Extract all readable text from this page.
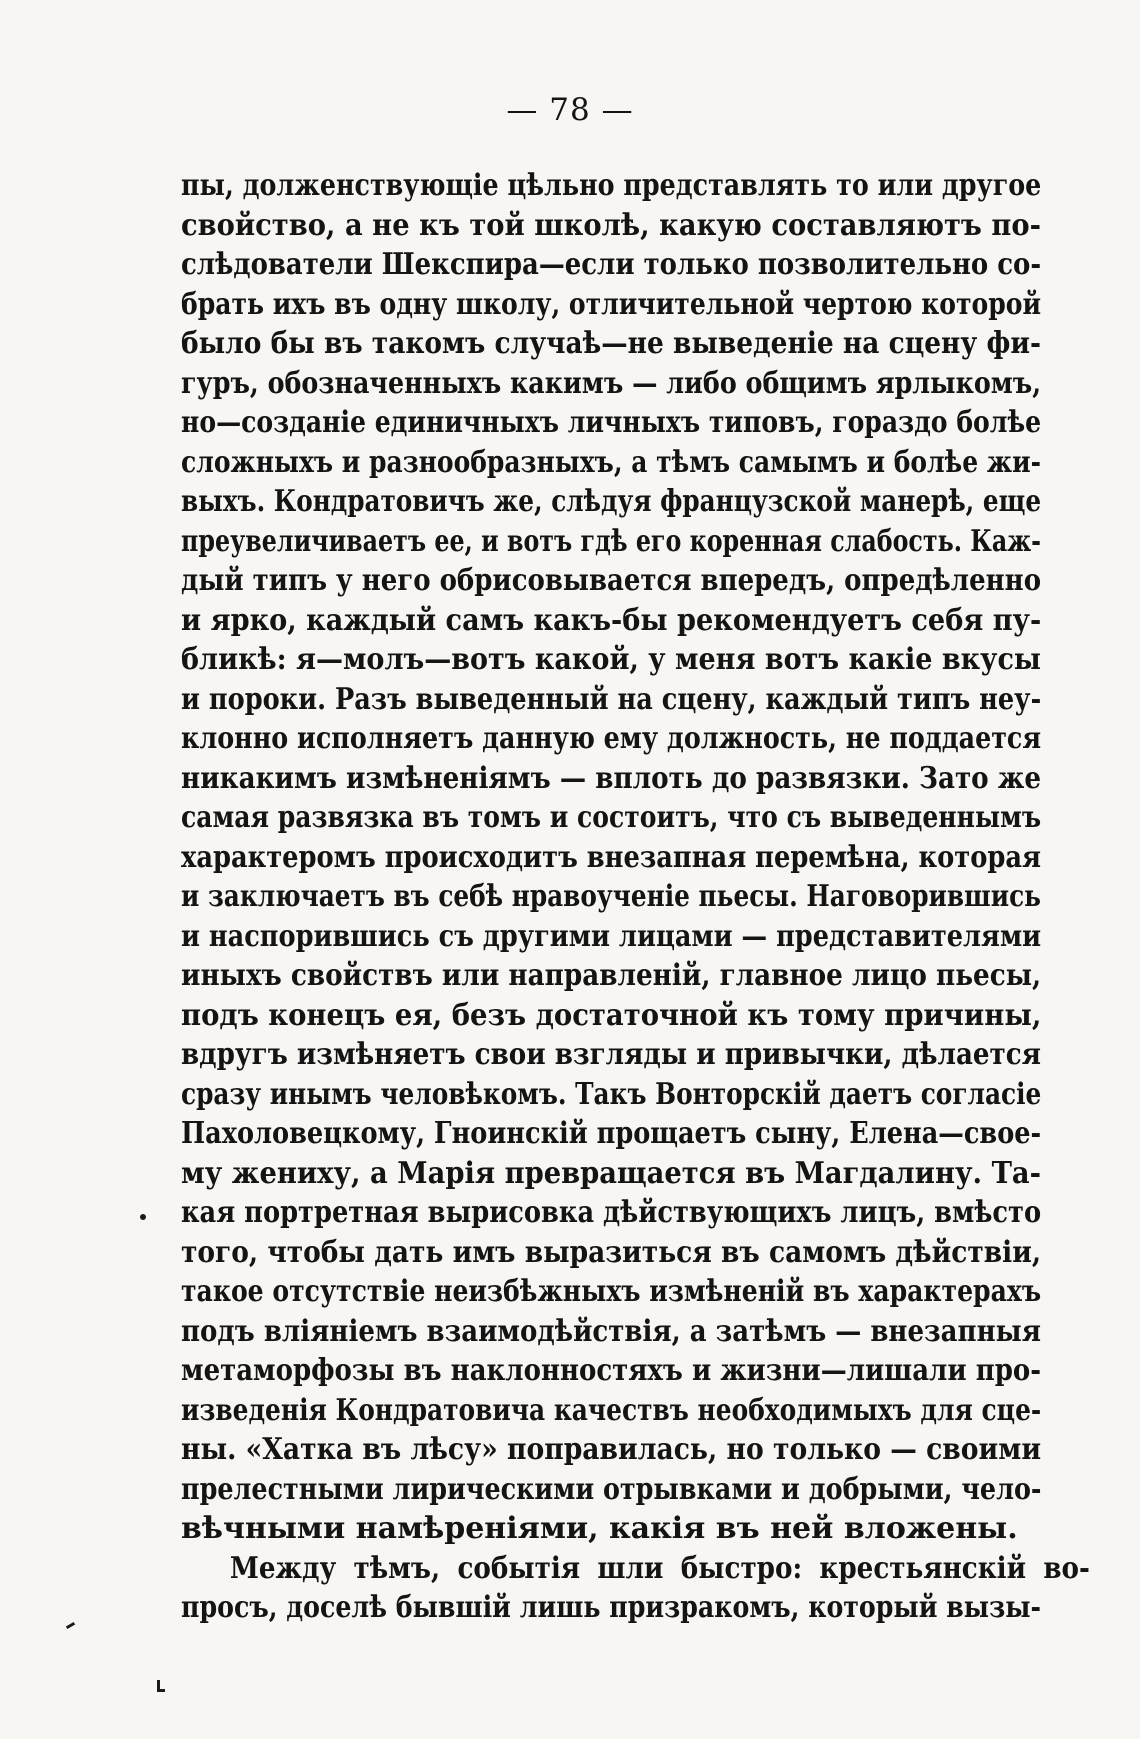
— 78 —
пы, долженствующіе цѣльно представлять то или другое
свойство, а не къ той школѣ, какую составляютъ по-
слѣдователи Шекспира—если только позволительно со-
брать ихъ въ одну школу, отличительной чертою которой
было бы въ такомъ случаѣ—не выведеніе на сцену фи-
гуръ, обозначенныхъ какимъ — либо общимъ ярлыкомъ,
но—созданіе единичныхъ личныхъ типовъ, гораздо болѣе
сложныхъ и разнообразныхъ, а тѣмъ самымъ и болѣе жи-
выхъ. Кондратовичъ же, слѣдуя французской манерѣ, еще
преувеличиваетъ ее, и вотъ гдѣ его коренная слабость. Каж-
дый типъ у него обрисовывается впередъ, опредѣленно
и ярко, каждый самъ какъ-бы рекомендуетъ себя пу-
бликѣ: я—молъ—вотъ какой, у меня вотъ какіе вкусы
и пороки. Разъ выведенный на сцену, каждый типъ неу-
клонно исполняетъ данную ему должность, не поддается
никакимъ измѣненіямъ — вплоть до развязки. Зато же
самая развязка въ томъ и состоитъ, что съ выведеннымъ
характеромъ происходитъ внезапная перемѣна, которая
и заключаетъ въ себѣ нравоученіе пьесы. Наговорившись
и наспорившись съ другими лицами — представителями
иныхъ свойствъ или направленій, главное лицо пьесы,
подъ конецъ ея, безъ достаточной къ тому причины,
вдругъ измѣняетъ свои взгляды и привычки, дѣлается
сразу инымъ человѣкомъ. Такъ Вонторскій даетъ согласіе
Пахоловецкому, Гноинскій прощаетъ сыну, Елена—свое-
му жениху, а Марія превращается въ Магдалину. Та-
кая портретная вырисовка дѣйствующихъ лицъ, вмѣсто
того, чтобы дать имъ выразиться въ самомъ дѣйствіи,
такое отсутствіе неизбѣжныхъ измѣненій въ характерахъ
подъ вліяніемъ взаимодѣйствія, а затѣмъ — внезапныя
метаморфозы въ наклонностяхъ и жизни—лишали про-
изведенія Кондратовича качествъ необходимыхъ для сце-
ны. «Хатка въ лѣсу» поправилась, но только — своими
прелестными лирическими отрывками и добрыми, чело-
вѣчными намѣреніями, какія въ ней вложены.
Между тѣмъ, событія шли быстро: крестьянскій во-
просъ, доселѣ бывшій лишь призракомъ, который вызы-
